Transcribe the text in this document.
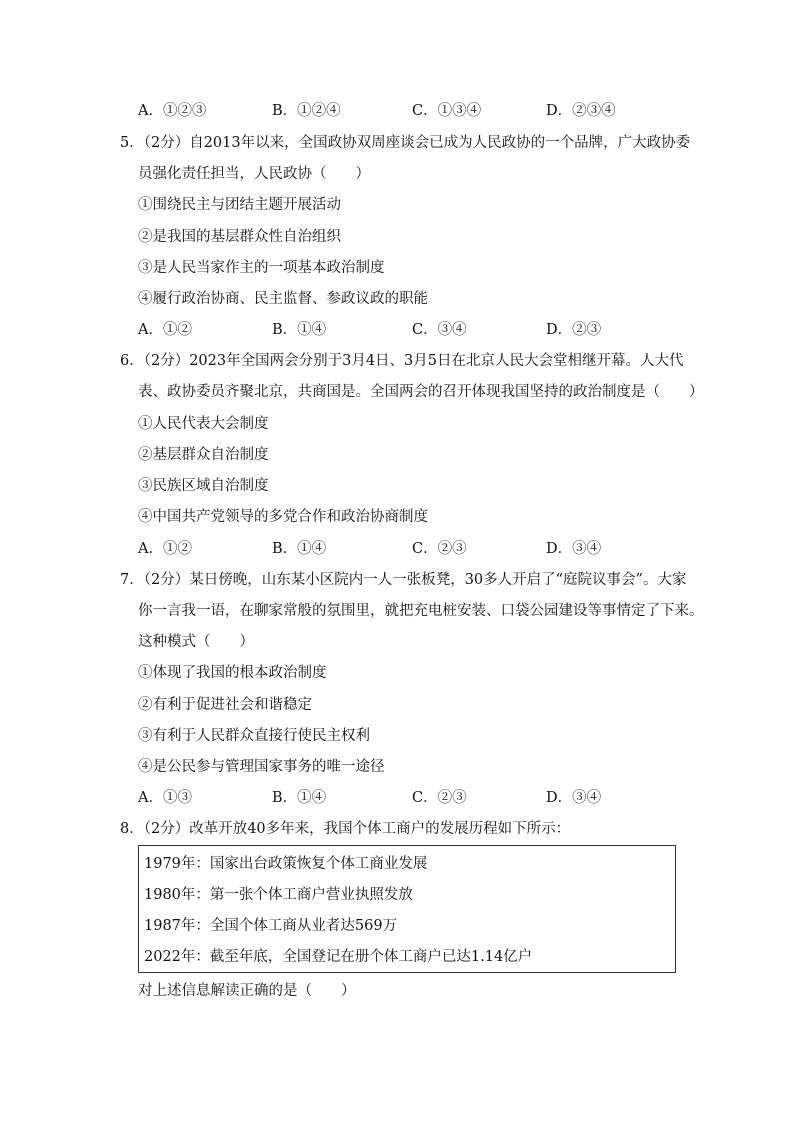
A．①②③	B．①②④	C．①③④	D．②③④
5．（2分）自2013年以来，全国政协双周座谈会已成为人民政协的一个品牌，广大政协委
员强化责任担当，人民政协（　　）
①围绕民主与团结主题开展活动
②是我国的基层群众性自治组织
③是人民当家作主的一项基本政治制度
④履行政治协商、民主监督、参政议政的职能
A．①②	B．①④	C．③④	D．②③
6．（2分）2023年全国两会分别于3月4日、3月5日在北京人民大会堂相继开幕。人大代
表、政协委员齐聚北京，共商国是。全国两会的召开体现我国坚持的政治制度是（　　）
①人民代表大会制度
②基层群众自治制度
③民族区域自治制度
④中国共产党领导的多党合作和政治协商制度
A．①②	B．①④	C．②③	D．③④
7．（2分）某日傍晚，山东某小区院内一人一张板凳，30多人开启了“庭院议事会”。大家
你一言我一语，在聊家常般的氛围里，就把充电桩安装、口袋公园建设等事情定了下来。
这种模式（　　）
①体现了我国的根本政治制度
②有利于促进社会和谐稳定
③有利于人民群众直接行使民主权利
④是公民参与管理国家事务的唯一途径
A．①③	B．①④	C．②③	D．③④
8．（2分）改革开放40多年来，我国个体工商户的发展历程如下所示：
1979年：国家出台政策恢复个体工商业发展
1980年：第一张个体工商户营业执照发放
1987年：全国个体工商从业者达569万
2022年：截至年底，全国登记在册个体工商户已达1.14亿户
对上述信息解读正确的是（　　）
